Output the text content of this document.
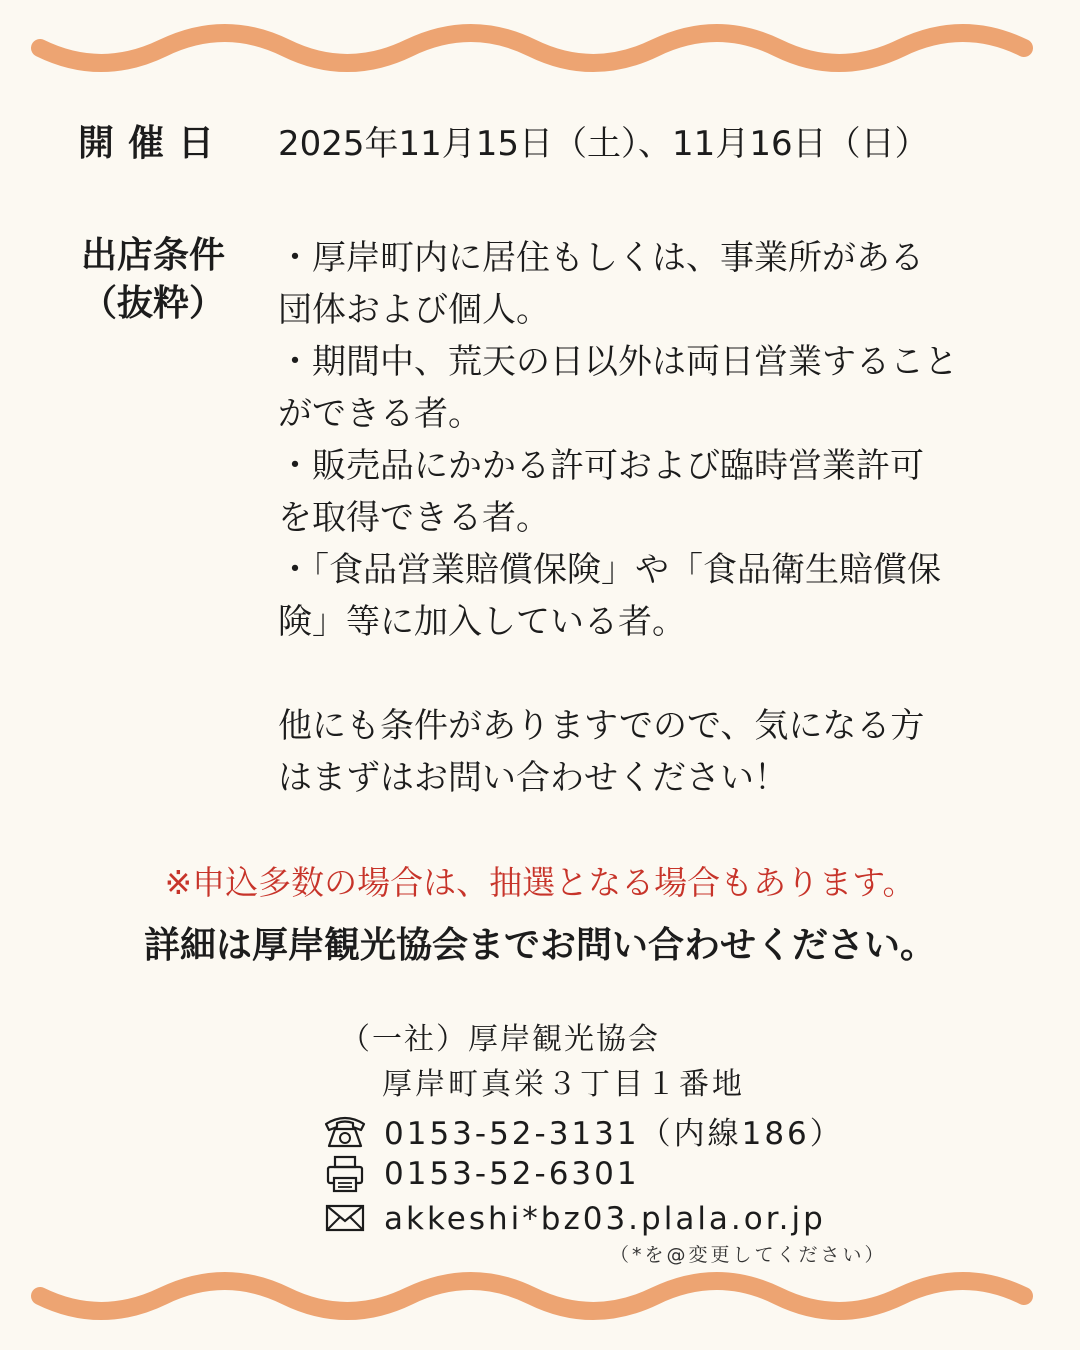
開催日	2025年11月15日（土）、11月16日（日）
出店条件
（抜粋）

・厚岸町内に居住もしくは、事業所がある

団体および個人。

・期間中、荒天の日以外は両日営業すること

ができる者。

・販売品にかかる許可および臨時営業許可

を取得できる者。

・「食品営業賠償保険」や「食品衛生賠償保

険」等に加入している者。

他にも条件がありますでので、気になる方

はまずはお問い合わせください！

※申込多数の場合は、抽選となる場合もあります。
詳細は厚岸観光協会までお問い合わせください。
（一社）厚岸観光協会
厚岸町真栄３丁目１番地
0153-52-3131（内線186）
0153-52-6301
akkeshi*bz03.plala.or.jp
（*を@変更してください）
